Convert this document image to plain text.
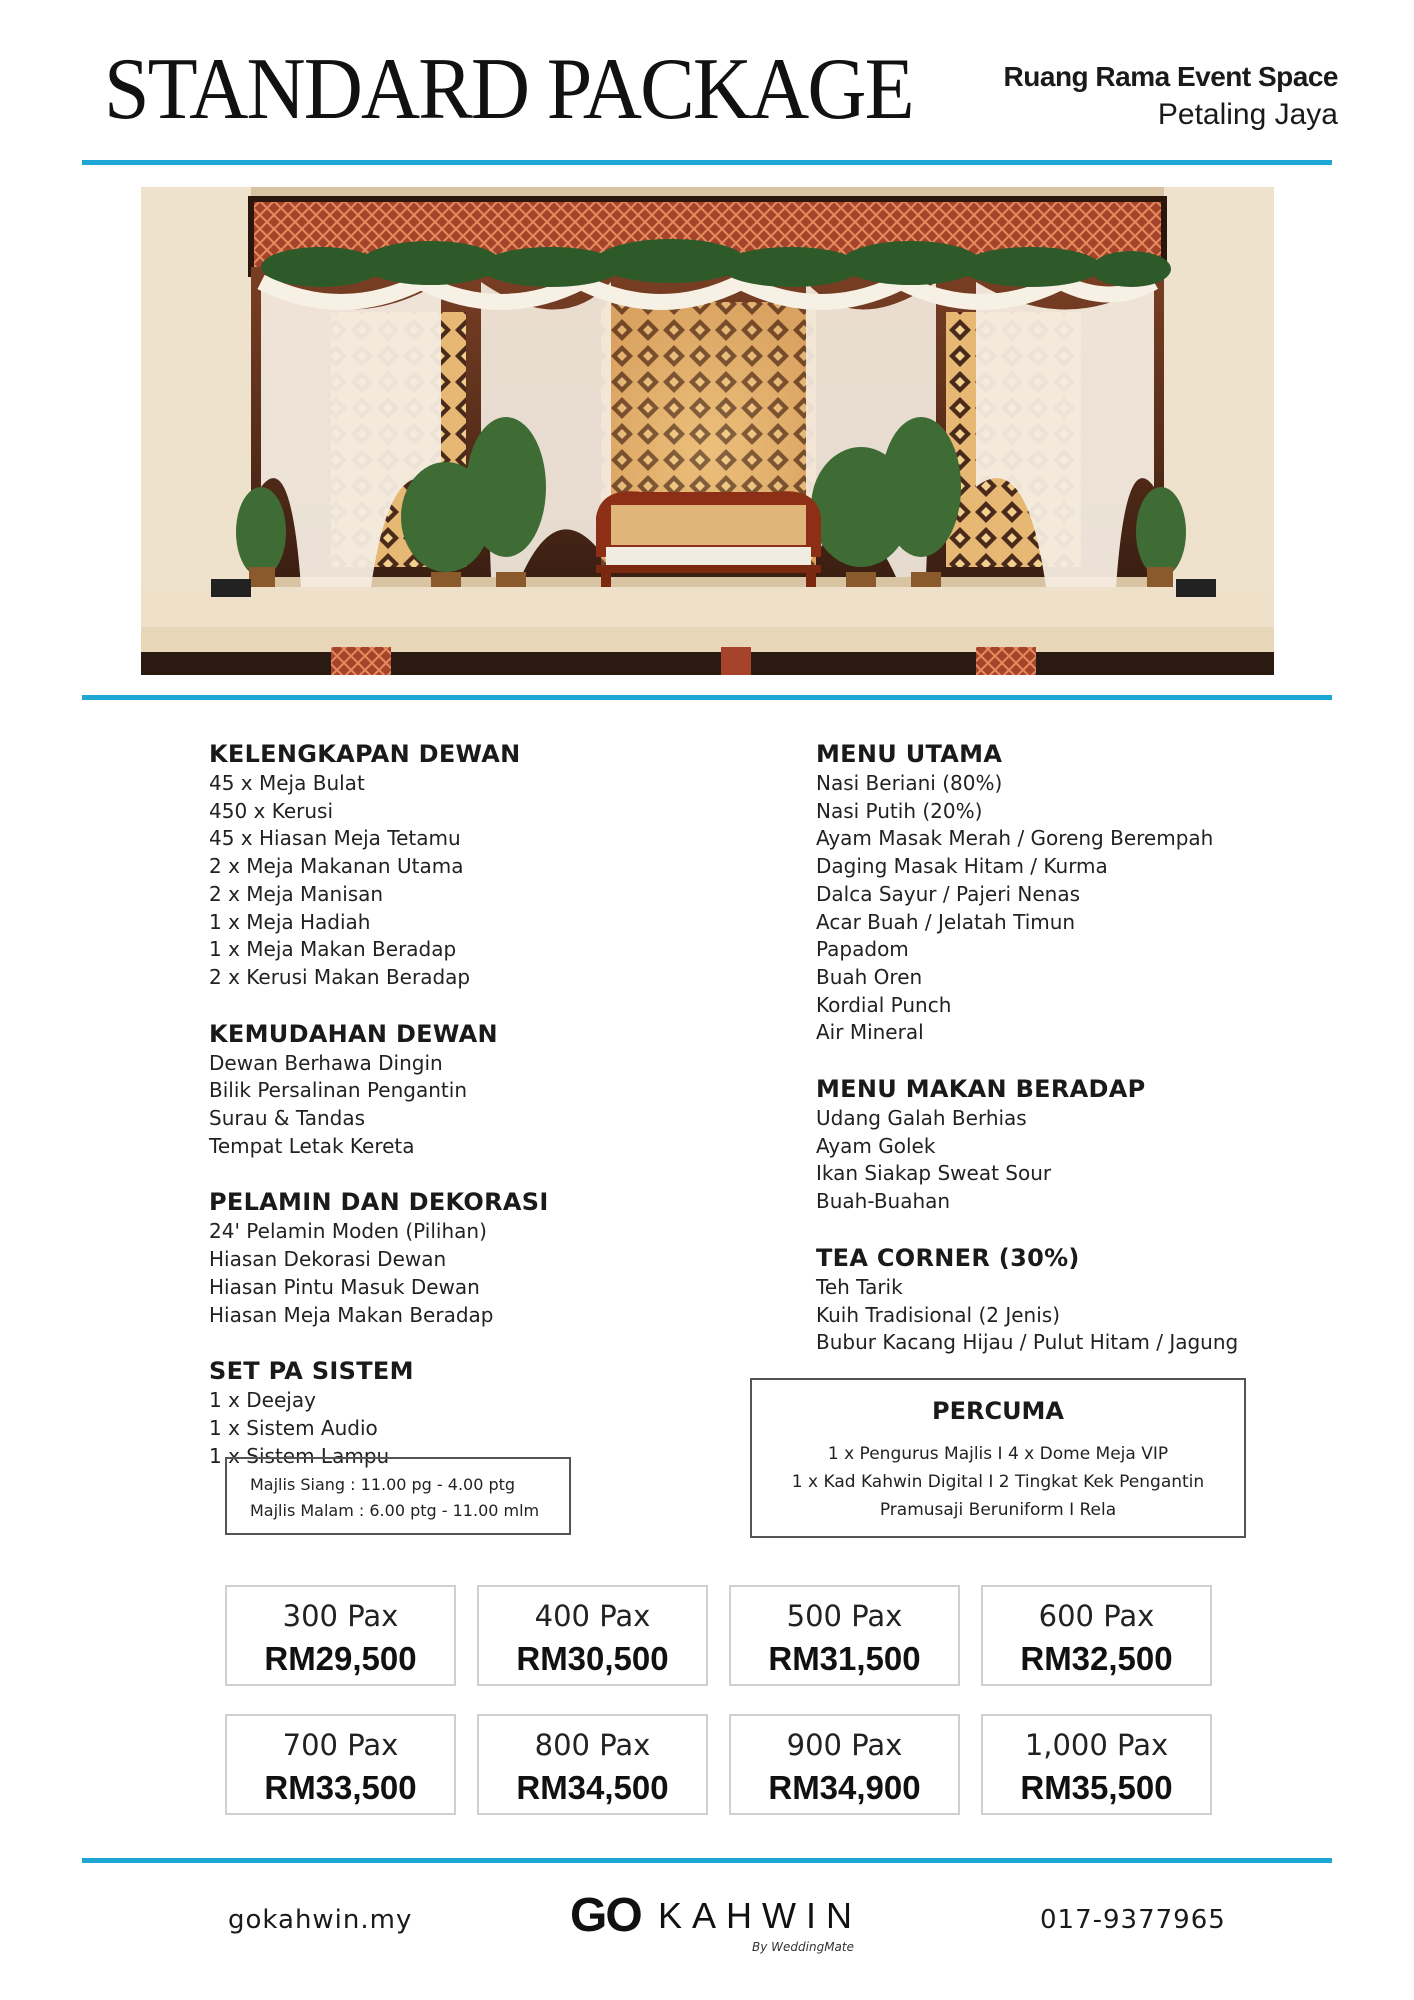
STANDARD PACKAGE	Ruang Rama Event Space
Petaling Jaya
KELENGKAPAN DEWAN
45 x Meja Bulat
450 x Kerusi
45 x Hiasan Meja Tetamu
2 x Meja Makanan Utama
2 x Meja Manisan
1 x Meja Hadiah
1 x Meja Makan Beradap
2 x Kerusi Makan Beradap
KEMUDAHAN DEWAN
Dewan Berhawa Dingin
Bilik Persalinan Pengantin
Surau & Tandas
Tempat Letak Kereta
PELAMIN DAN DEKORASI
24' Pelamin Moden (Pilihan)
Hiasan Dekorasi Dewan
Hiasan Pintu Masuk Dewan
Hiasan Meja Makan Beradap
SET PA SISTEM
1 x Deejay
1 x Sistem Audio
1 x Sistem Lampu
MENU UTAMA
Nasi Beriani (80%)
Nasi Putih (20%)
Ayam Masak Merah / Goreng Berempah
Daging Masak Hitam / Kurma
Dalca Sayur / Pajeri Nenas
Acar Buah / Jelatah Timun
Papadom
Buah Oren
Kordial Punch
Air Mineral
MENU MAKAN BERADAP
Udang Galah Berhias
Ayam Golek
Ikan Siakap Sweat Sour
Buah-Buahan
TEA CORNER (30%)
Teh Tarik
Kuih Tradisional (2 Jenis)
Bubur Kacang Hijau / Pulut Hitam / Jagung
Majlis Siang : 11.00 pg - 4.00 ptg
Majlis Malam : 6.00 ptg - 11.00 mlm
PERCUMA
1 x Pengurus Majlis I 4 x Dome Meja VIP
1 x Kad Kahwin Digital I 2 Tingkat Kek Pengantin
Pramusaji Beruniform I Rela
300 Pax
RM29,500
400 Pax
RM30,500
500 Pax
RM31,500
600 Pax
RM32,500
700 Pax
RM33,500
800 Pax
RM34,500
900 Pax
RM34,900
1,000 Pax
RM35,500
gokahwin.my	GO KAHWIN
By WeddingMate
017-9377965
